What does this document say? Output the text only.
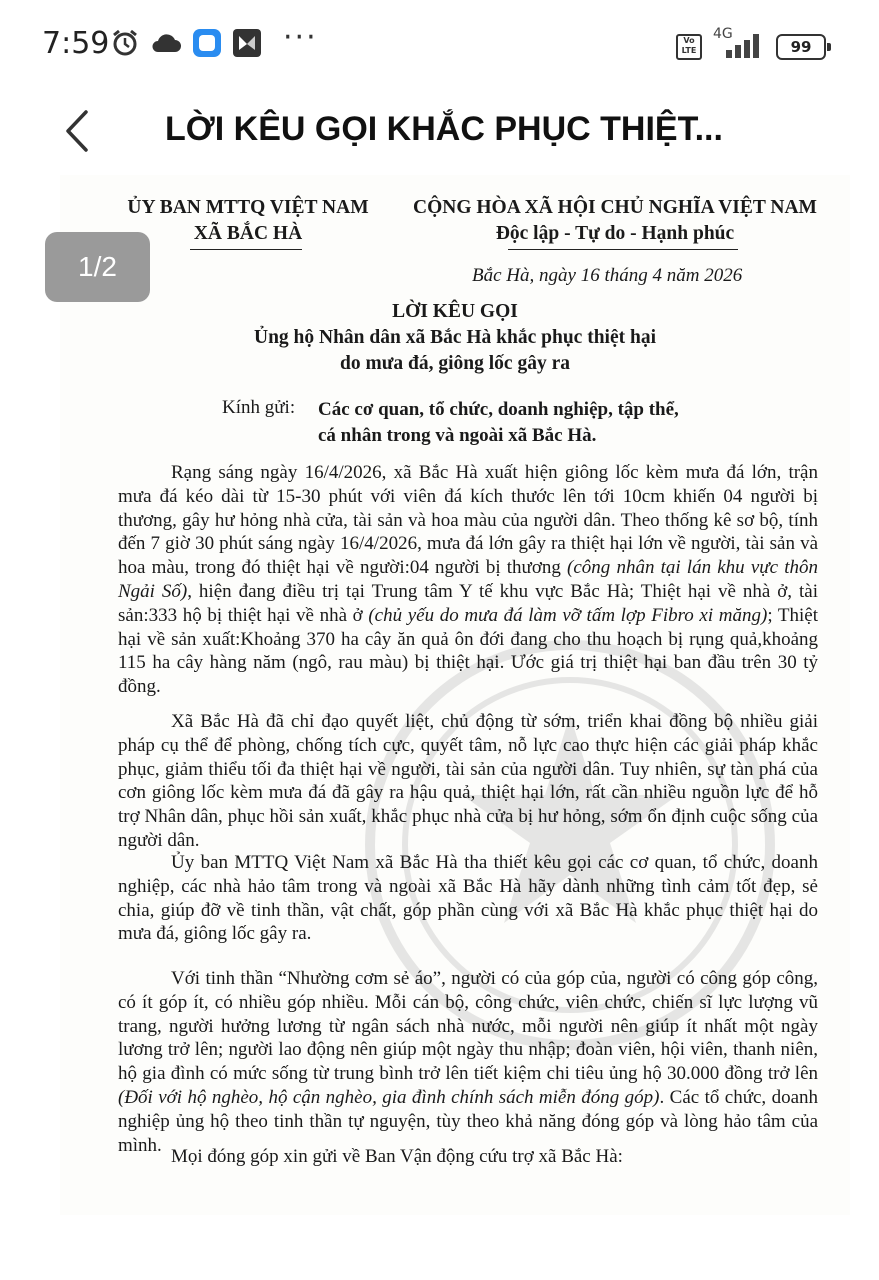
7:59	···	Vo LTE
4G
99
LỜI KÊU GỌI KHẮC PHỤC THIỆT...
ỦY BAN MTTQ VIỆT NAM
XÃ BẮC HÀ
CỘNG HÒA XÃ HỘI CHỦ NGHĨA VIỆT NAM
Độc lập - Tự do - Hạnh phúc
Bắc Hà, ngày 16 tháng 4 năm 2026
LỜI KÊU GỌI
Ủng hộ Nhân dân xã Bắc Hà khắc phục thiệt hại
do mưa đá, giông lốc gây ra
Kính gửi: Các cơ quan, tổ chức, doanh nghiệp, tập thể,
cá nhân trong và ngoài xã Bắc Hà.
Rạng sáng ngày 16/4/2026, xã Bắc Hà xuất hiện giông lốc kèm mưa đá lớn, trận mưa đá kéo dài từ 15-30 phút với viên đá kích thước lên tới 10cm khiến 04 người bị thương, gây hư hỏng nhà cửa, tài sản và hoa màu của người dân. Theo thống kê sơ bộ, tính đến 7 giờ 30 phút sáng ngày 16/4/2026, mưa đá lớn gây ra thiệt hại lớn về người, tài sản và hoa màu, trong đó thiệt hại về người:04 người bị thương (công nhân tại lán khu vực thôn Ngải Số), hiện đang điều trị tại Trung tâm Y tế khu vực Bắc Hà; Thiệt hại về nhà ở, tài sản:333 hộ bị thiệt hại về nhà ở (chủ yếu do mưa đá làm vỡ tấm lợp Fibro xi măng); Thiệt hại về sản xuất:Khoảng 370 ha cây ăn quả ôn đới đang cho thu hoạch bị rụng quả,khoảng 115 ha cây hàng năm (ngô, rau màu) bị thiệt hại. Ước giá trị thiệt hại ban đầu trên 30 tỷ đồng.
Xã Bắc Hà đã chỉ đạo quyết liệt, chủ động từ sớm, triển khai đồng bộ nhiều giải pháp cụ thể để phòng, chống tích cực, quyết tâm, nỗ lực cao thực hiện các giải pháp khắc phục, giảm thiểu tối đa thiệt hại về người, tài sản của người dân. Tuy nhiên, sự tàn phá của cơn giông lốc kèm mưa đá đã gây ra hậu quả, thiệt hại lớn, rất cần nhiều nguồn lực để hỗ trợ Nhân dân, phục hồi sản xuất, khắc phục nhà cửa bị hư hỏng, sớm ổn định cuộc sống của người dân.
Ủy ban MTTQ Việt Nam xã Bắc Hà tha thiết kêu gọi các cơ quan, tổ chức, doanh nghiệp, các nhà hảo tâm trong và ngoài xã Bắc Hà hãy dành những tình cảm tốt đẹp, sẻ chia, giúp đỡ về tinh thần, vật chất, góp phần cùng với xã Bắc Hà khắc phục thiệt hại do mưa đá, giông lốc gây ra.
Với tinh thần “Nhường cơm sẻ áo”, người có của góp của, người có công góp công, có ít góp ít, có nhiều góp nhiều. Mỗi cán bộ, công chức, viên chức, chiến sĩ lực lượng vũ trang, người hưởng lương từ ngân sách nhà nước, mỗi người nên giúp ít nhất một ngày lương trở lên; người lao động nên giúp một ngày thu nhập; đoàn viên, hội viên, thanh niên, hộ gia đình có mức sống từ trung bình trở lên tiết kiệm chi tiêu ủng hộ 30.000 đồng trở lên (Đối với hộ nghèo, hộ cận nghèo, gia đình chính sách miễn đóng góp). Các tổ chức, doanh nghiệp ủng hộ theo tinh thần tự nguyện, tùy theo khả năng đóng góp và lòng hảo tâm của mình.
Mọi đóng góp xin gửi về Ban Vận động cứu trợ xã Bắc Hà:
1/2
